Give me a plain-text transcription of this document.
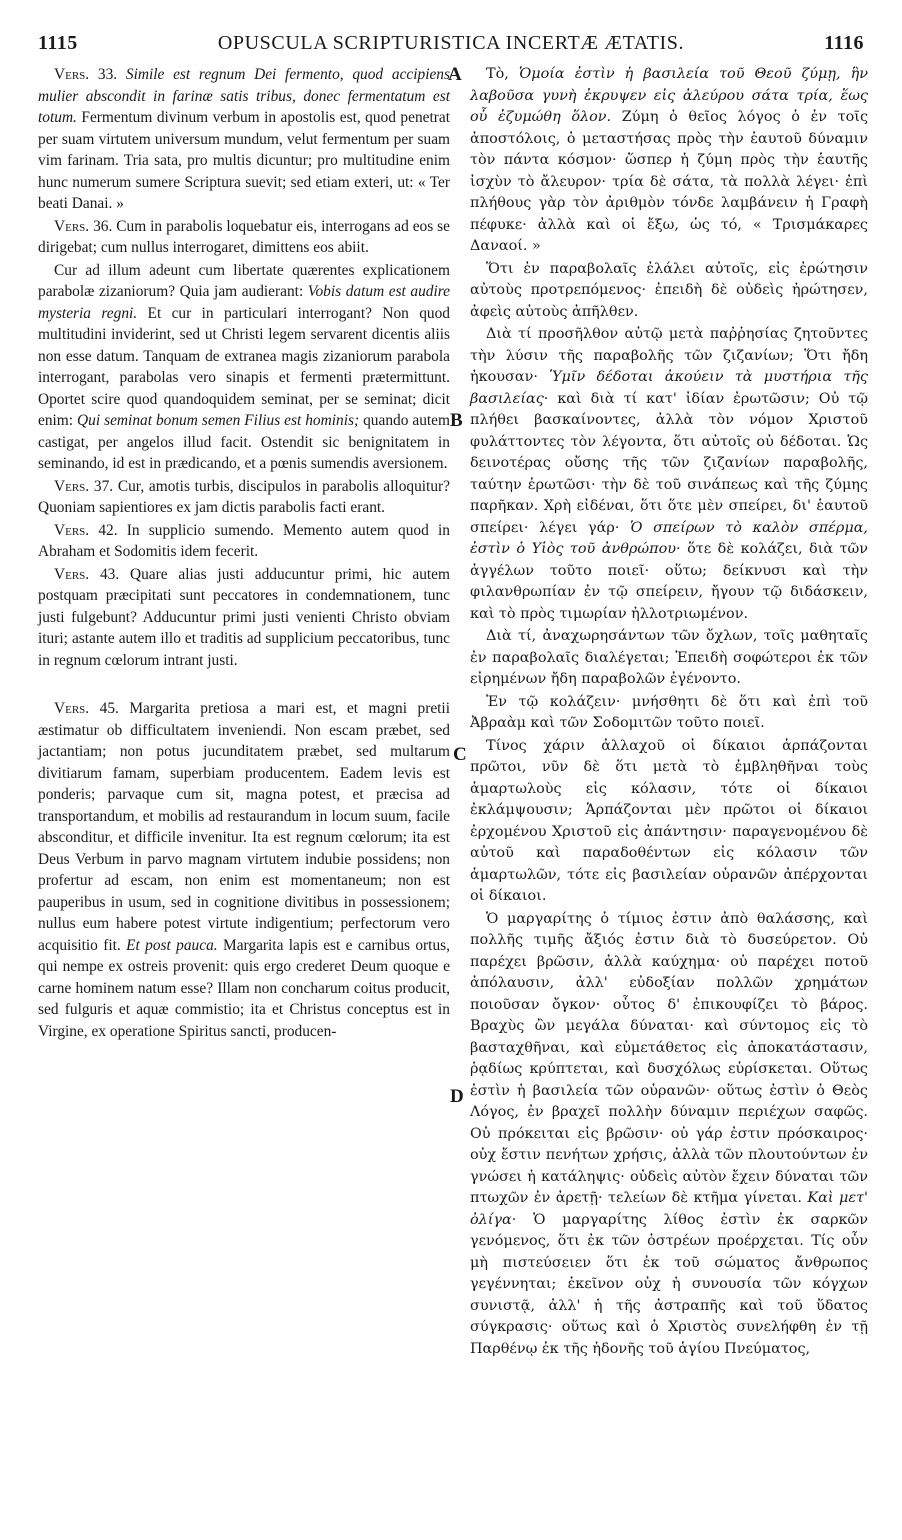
1115	OPUSCULA SCRIPTURISTICA INCERTÆ ÆTATIS.	1116
A
B
C
D

Vers. 33. Simile est regnum Dei fermento, quod accipiens mulier abscondit in farinæ satis tribus, donec fermentatum est totum. Fermentum divinum verbum in apostolis est, quod penetrat per suam virtutem universum mundum, velut fermentum per suam vim farinam. Tria sata, pro multis dicuntur; pro multitudine enim hunc numerum sumere Scriptura suevit; sed etiam exteri, ut: « Ter beati Danai. »

Vers. 36. Cum in parabolis loquebatur eis, interrogans ad eos se dirigebat; cum nullus interrogaret, dimittens eos abiit.

Cur ad illum adeunt cum libertate quærentes explicationem parabolæ zizaniorum? Quia jam audierant: Vobis datum est audire mysteria regni. Et cur in particulari interrogant? Non quod multitudini inviderint, sed ut Christi legem servarent dicentis aliis non esse datum. Tanquam de extranea magis zizaniorum parabola interrogant, parabolas vero sinapis et fermenti prætermittunt. Oportet scire quod quandoquidem seminat, per se seminat; dicit enim: Qui seminat bonum semen Filius est hominis; quando autem castigat, per angelos illud facit. Ostendit sic benignitatem in seminando, id est in prædicando, et a pœnis sumendis aversionem.

Vers. 37. Cur, amotis turbis, discipulos in parabolis alloquitur? Quoniam sapientiores ex jam dictis parabolis facti erant.

Vers. 42. In supplicio sumendo. Memento autem quod in Abraham et Sodomitis idem fecerit.

Vers. 43. Quare alias justi adducuntur primi, hic autem postquam præcipitati sunt peccatores in condemnationem, tunc justi fulgebunt? Adducuntur primi justi venienti Christo obviam ituri; astante autem illo et traditis ad supplicium peccatoribus, tunc in regnum cœlorum intrant justi.

Vers. 45. Margarita pretiosa a mari est, et magni pretii æstimatur ob difficultatem inveniendi. Non escam præbet, sed jactantiam; non potus jucunditatem præbet, sed multarum divitiarum famam, superbiam producentem. Eadem levis est ponderis; parvaque cum sit, magna potest, et præcisa ad transportandum, et mobilis ad restaurandum in locum suum, facile absconditur, et difficile invenitur. Ita est regnum cœlorum; ita est Deus Verbum in parvo magnam virtutem indubie possidens; non profertur ad escam, non enim est momentaneum; non est pauperibus in usum, sed in cognitione divitibus in possessionem; nullus eum habere potest virtute indigentium; perfectorum vero acquisitio fit. Et post pauca. Margarita lapis est e carnibus ortus, qui nempe ex ostreis provenit: quis ergo crederet Deum quoque e carne hominem natum esse? Illam non concharum coitus producit, sed fulguris et aquæ commistio; ita et Christus conceptus est in Virgine, ex operatione Spiritus sancti, producen-

Τὸ, Ὁμοία ἐστὶν ἡ βασιλεία τοῦ Θεοῦ ζύμῃ, ἣν λαβοῦσα γυνὴ ἐκρυψεν εἰς ἀλεύρου σάτα τρία, ἕως οὗ ἐζυμώθη ὅλον. Ζύμη ὁ θεῖος λόγος ὁ ἐν τοῖς ἀποστόλοις, ὁ μεταστήσας πρὸς τὴν ἑαυτοῦ δύναμιν τὸν πάντα κόσμον· ὥσπερ ἡ ζύμη πρὸς τὴν ἑαυτῆς ἰσχὺν τὸ ἄλευρον· τρία δὲ σάτα, τὰ πολλὰ λέγει· ἐπὶ πλήθους γὰρ τὸν ἀριθμὸν τόνδε λαμβάνειν ἡ Γραφὴ πέφυκε· ἀλλὰ καὶ οἱ ἔξω, ὡς τό, « Τρισμάκαρες Δαναοί. »

Ὅτι ἐν παραβολαῖς ἐλάλει αὐτοῖς, εἰς ἐρώτησιν αὐτοὺς προτρεπόμενος· ἐπειδὴ δὲ οὐδεὶς ἠρώτησεν, ἀφεὶς αὐτοὺς ἀπῆλθεν.

Διὰ τί προσῆλθον αὐτῷ μετὰ παῤῥησίας ζητοῦντες τὴν λύσιν τῆς παραβολῆς τῶν ζιζανίων; Ὅτι ἤδη ἠκουσαν· Ὑμῖν δέδοται ἀκούειν τὰ μυστήρια τῆς βασιλείας· καὶ διὰ τί κατ' ἰδίαν ἐρωτῶσιν; Οὐ τῷ πλήθει βασκαίνοντες, ἀλλὰ τὸν νόμον Χριστοῦ φυλάττοντες τὸν λέγοντα, ὅτι αὐτοῖς οὐ δέδοται. Ὡς δεινοτέρας οὔσης τῆς τῶν ζιζανίων παραβολῆς, ταύτην ἐρωτῶσι· τὴν δὲ τοῦ σινάπεως καὶ τῆς ζύμης παρῆκαν. Χρὴ εἰδέναι, ὅτι ὅτε μὲν σπείρει, δι' ἑαυτοῦ σπείρει· λέγει γάρ· Ὁ σπείρων τὸ καλὸν σπέρμα, ἐστὶν ὁ Υἱὸς τοῦ ἀνθρώπου· ὅτε δὲ κολάζει, διὰ τῶν ἀγγέλων τοῦτο ποιεῖ· οὕτω; δείκνυσι καὶ τὴν φιλανθρωπίαν ἐν τῷ σπείρειν, ἤγουν τῷ διδάσκειν, καὶ τὸ πρὸς τιμωρίαν ἠλλοτριωμένον.

Διὰ τί, ἀναχωρησάντων τῶν ὄχλων, τοῖς μαθηταῖς ἐν παραβολαῖς διαλέγεται; Ἐπειδὴ σοφώτεροι ἐκ τῶν εἰρημένων ἤδη παραβολῶν ἐγένοντο.

Ἐν τῷ κολάζειν· μνήσθητι δὲ ὅτι καὶ ἐπὶ τοῦ Ἀβραὰμ καὶ τῶν Σοδομιτῶν τοῦτο ποιεῖ.

Τίνος χάριν ἀλλαχοῦ οἱ δίκαιοι ἁρπάζονται πρῶτοι, νῦν δὲ ὅτι μετὰ τὸ ἐμβληθῆναι τοὺς ἁμαρτωλοὺς εἰς κόλασιν, τότε οἱ δίκαιοι ἐκλάμψουσιν; Ἁρπάζονται μὲν πρῶτοι οἱ δίκαιοι ἐρχομένου Χριστοῦ εἰς ἀπάντησιν· παραγενομένου δὲ αὐτοῦ καὶ παραδοθέντων εἰς κόλασιν τῶν ἁμαρτωλῶν, τότε εἰς βασιλείαν οὐρανῶν ἀπέρχονται οἱ δίκαιοι.

Ὁ μαργαρίτης ὁ τίμιος ἐστιν ἀπὸ θαλάσσης, καὶ πολλῆς τιμῆς ἄξιός ἐστιν διὰ τὸ δυσεύρετον. Οὐ παρέχει βρῶσιν, ἀλλὰ καύχημα· οὐ παρέχει ποτοῦ ἀπόλαυσιν, ἀλλ' εὐδοξίαν πολλῶν χρημάτων ποιοῦσαν ὄγκον· οὗτος δ' ἐπικουφίζει τὸ βάρος. Βραχὺς ὢν μεγάλα δύναται· καὶ σύντομος εἰς τὸ βασταχθῆναι, καὶ εὐμετάθετος εἰς ἀποκατάστασιν, ῥᾳδίως κρύπτεται, καὶ δυσχόλως εὑρίσκεται. Οὕτως ἐστὶν ἡ βασιλεία τῶν οὐρανῶν· οὕτως ἐστὶν ὁ Θεὸς Λόγος, ἐν βραχεῖ πολλὴν δύναμιν περιέχων σαφῶς. Οὐ πρόκειται εἰς βρῶσιν· οὐ γάρ ἐστιν πρόσκαιρος· οὐχ ἔστιν πενήτων χρήσις, ἀλλὰ τῶν πλουτούντων ἐν γνώσει ἡ κατάληψις· οὐδεὶς αὐτὸν ἔχειν δύναται τῶν πτωχῶν ἐν ἀρετῇ· τελείων δὲ κτῆμα γίνεται. Καὶ μετ' ὀλίγα· Ὁ μαργαρίτης λίθος ἐστὶν ἐκ σαρκῶν γενόμενος, ὅτι ἐκ τῶν ὀστρέων προέρχεται. Τίς οὖν μὴ πιστεύσειεν ὅτι ἐκ τοῦ σώματος ἄνθρωπος γεγέννηται; ἐκεῖνον οὐχ ἡ συνουσία τῶν κόγχων συνιστᾷ, ἀλλ' ἡ τῆς ἀστραπῆς καὶ τοῦ ὕδατος σύγκρασις· οὕτως καὶ ὁ Χριστὸς συνελήφθη ἐν τῇ Παρθένῳ ἐκ τῆς ἡδονῆς τοῦ ἁγίου Πνεύματος,
